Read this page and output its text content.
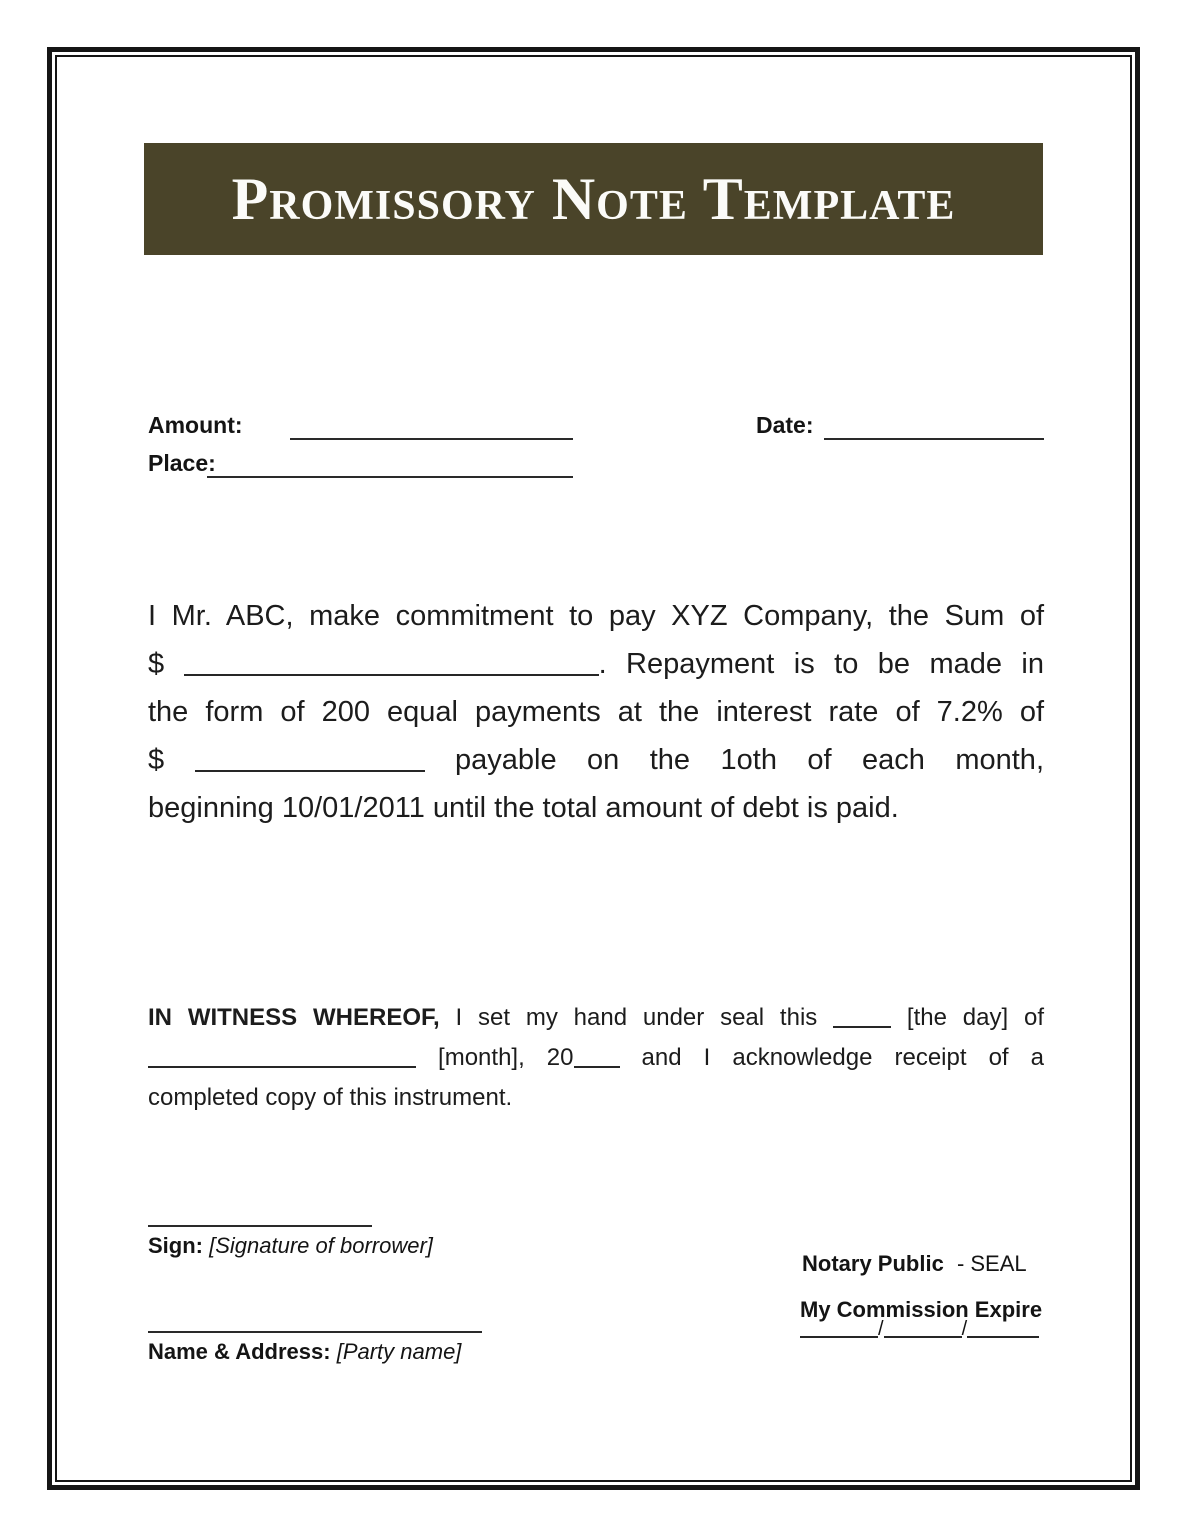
Promissory Note Template
Amount:	Date:
Place:
I Mr. ABC, make commitment to pay XYZ Company, the Sum of
$	. Repayment is to be made in
the form of 200 equal payments at the interest rate of 7.2% of
$	payable on the 1oth of each month,
beginning 10/01/2011 until the total amount of debt is paid.
IN WITNESS WHEREOF, I set my hand under seal this  [the day] of
[month], 20 and I acknowledge receipt of a
completed copy of this instrument.
Sign: [Signature of borrower]
Name & Address: [Party name]
Notary Public - SEAL
My Commission Expire
/	/
